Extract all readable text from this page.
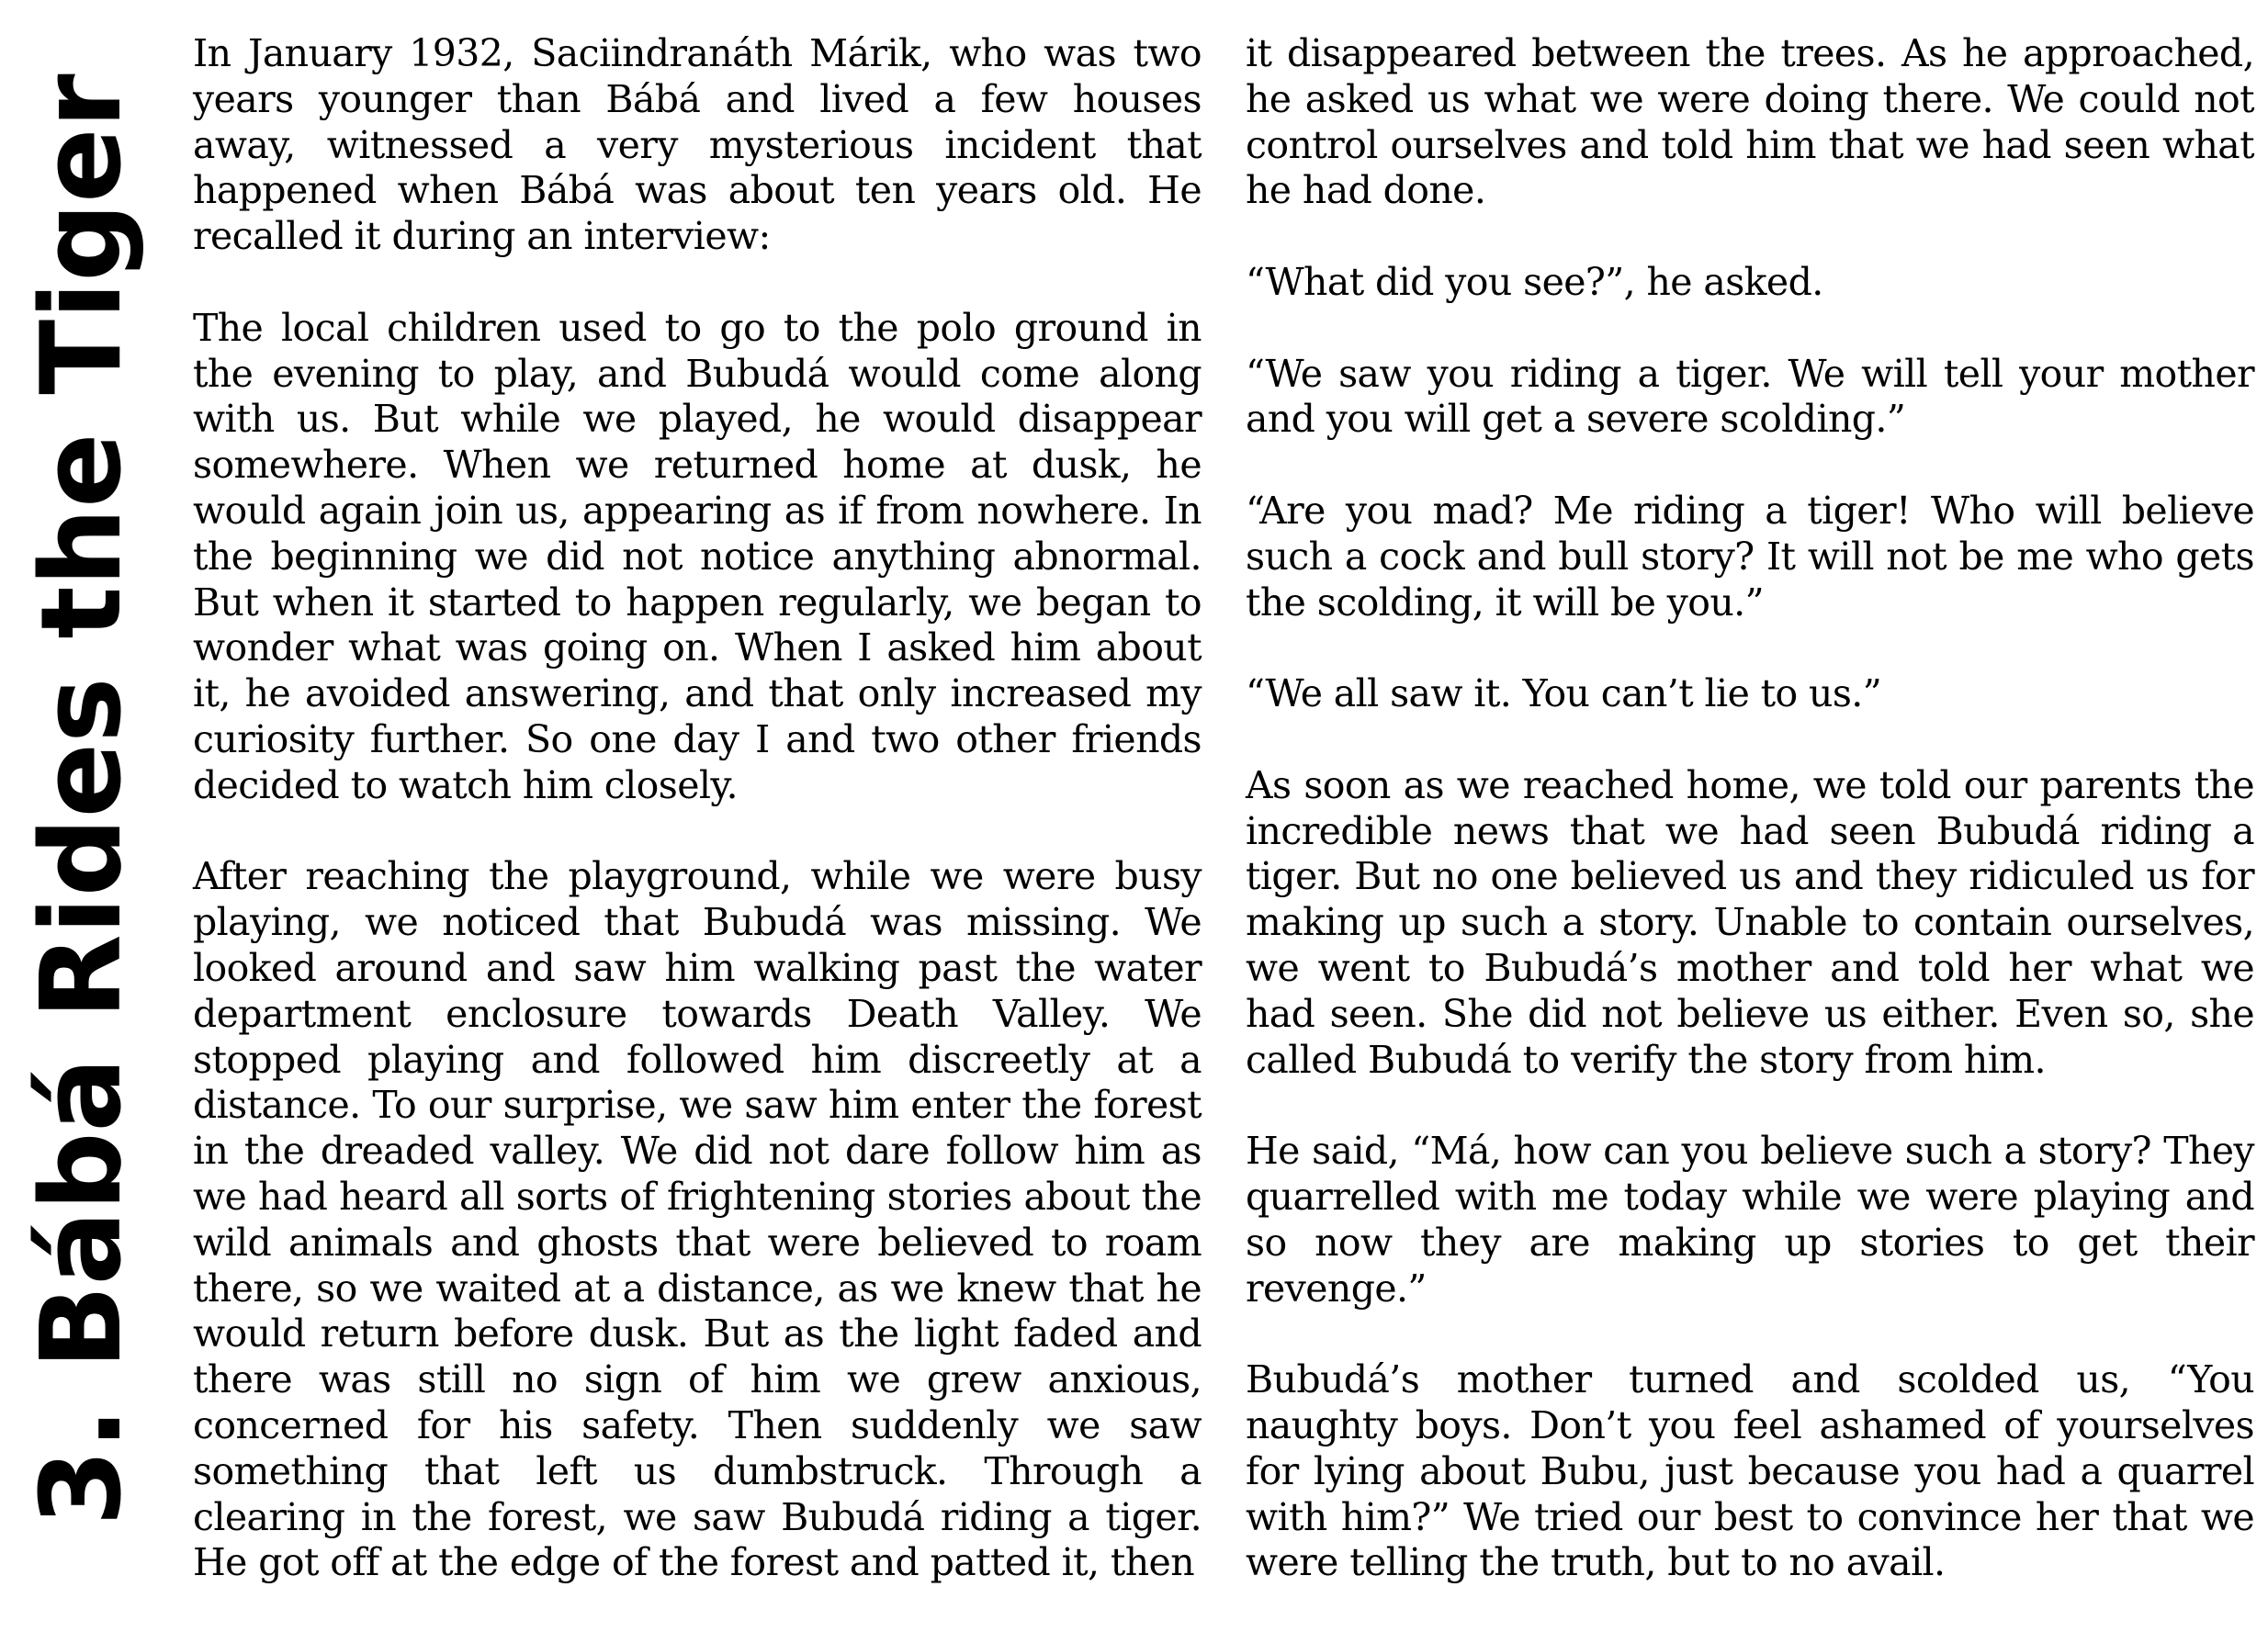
3. Bábá Rides the Tiger

In January 1932, Saciindranáth Márik, who was two years younger than Bábá and lived a few houses away, witnessed a very mysterious incident that happened when Bábá was about ten years old. He recalled it during an interview:

The local children used to go to the polo ground in the evening to play, and Bubudá would come along with us. But while we played, he would disappear somewhere. When we returned home at dusk, he would again join us, appearing as if from nowhere. In the beginning we did not notice anything abnormal. But when it started to happen regularly, we began to wonder what was going on. When I asked him about it, he avoided answering, and that only increased my curiosity further. So one day I and two other friends decided to watch him closely.

After reaching the playground, while we were busy playing, we noticed that Bubudá was missing. We looked around and saw him walking past the water department enclosure towards Death Valley. We stopped playing and followed him discreetly at a distance. To our surprise, we saw him enter the forest in the dreaded valley. We did not dare follow him as we had heard all sorts of frightening stories about the wild animals and ghosts that were believed to roam there, so we waited at a distance, as we knew that he would return before dusk. But as the light faded and there was still no sign of him we grew anxious, concerned for his safety. Then suddenly we saw something that left us dumbstruck. Through a clearing in the forest, we saw Bubudá riding a tiger. He got off at the edge of the forest and patted it, then

it disappeared between the trees. As he approached, he asked us what we were doing there. We could not control ourselves and told him that we had seen what he had done.

“What did you see?”, he asked.

“We saw you riding a tiger. We will tell your mother and you will get a severe scolding.”

“Are you mad? Me riding a tiger! Who will believe such a cock and bull story? It will not be me who gets the scolding, it will be you.”

“We all saw it. You can’t lie to us.”

As soon as we reached home, we told our parents the incredible news that we had seen Bubudá riding a tiger. But no one believed us and they ridiculed us for making up such a story. Unable to contain ourselves, we went to Bubudá’s mother and told her what we had seen. She did not believe us either. Even so, she called Bubudá to verify the story from him.

He said, “Má, how can you believe such a story? They quarrelled with me today while we were playing and so now they are making up stories to get their revenge.”

Bubudá’s mother turned and scolded us, “You naughty boys. Don’t you feel ashamed of yourselves for lying about Bubu, just because you had a quarrel with him?” We tried our best to convince her that we were telling the truth, but to no avail.
